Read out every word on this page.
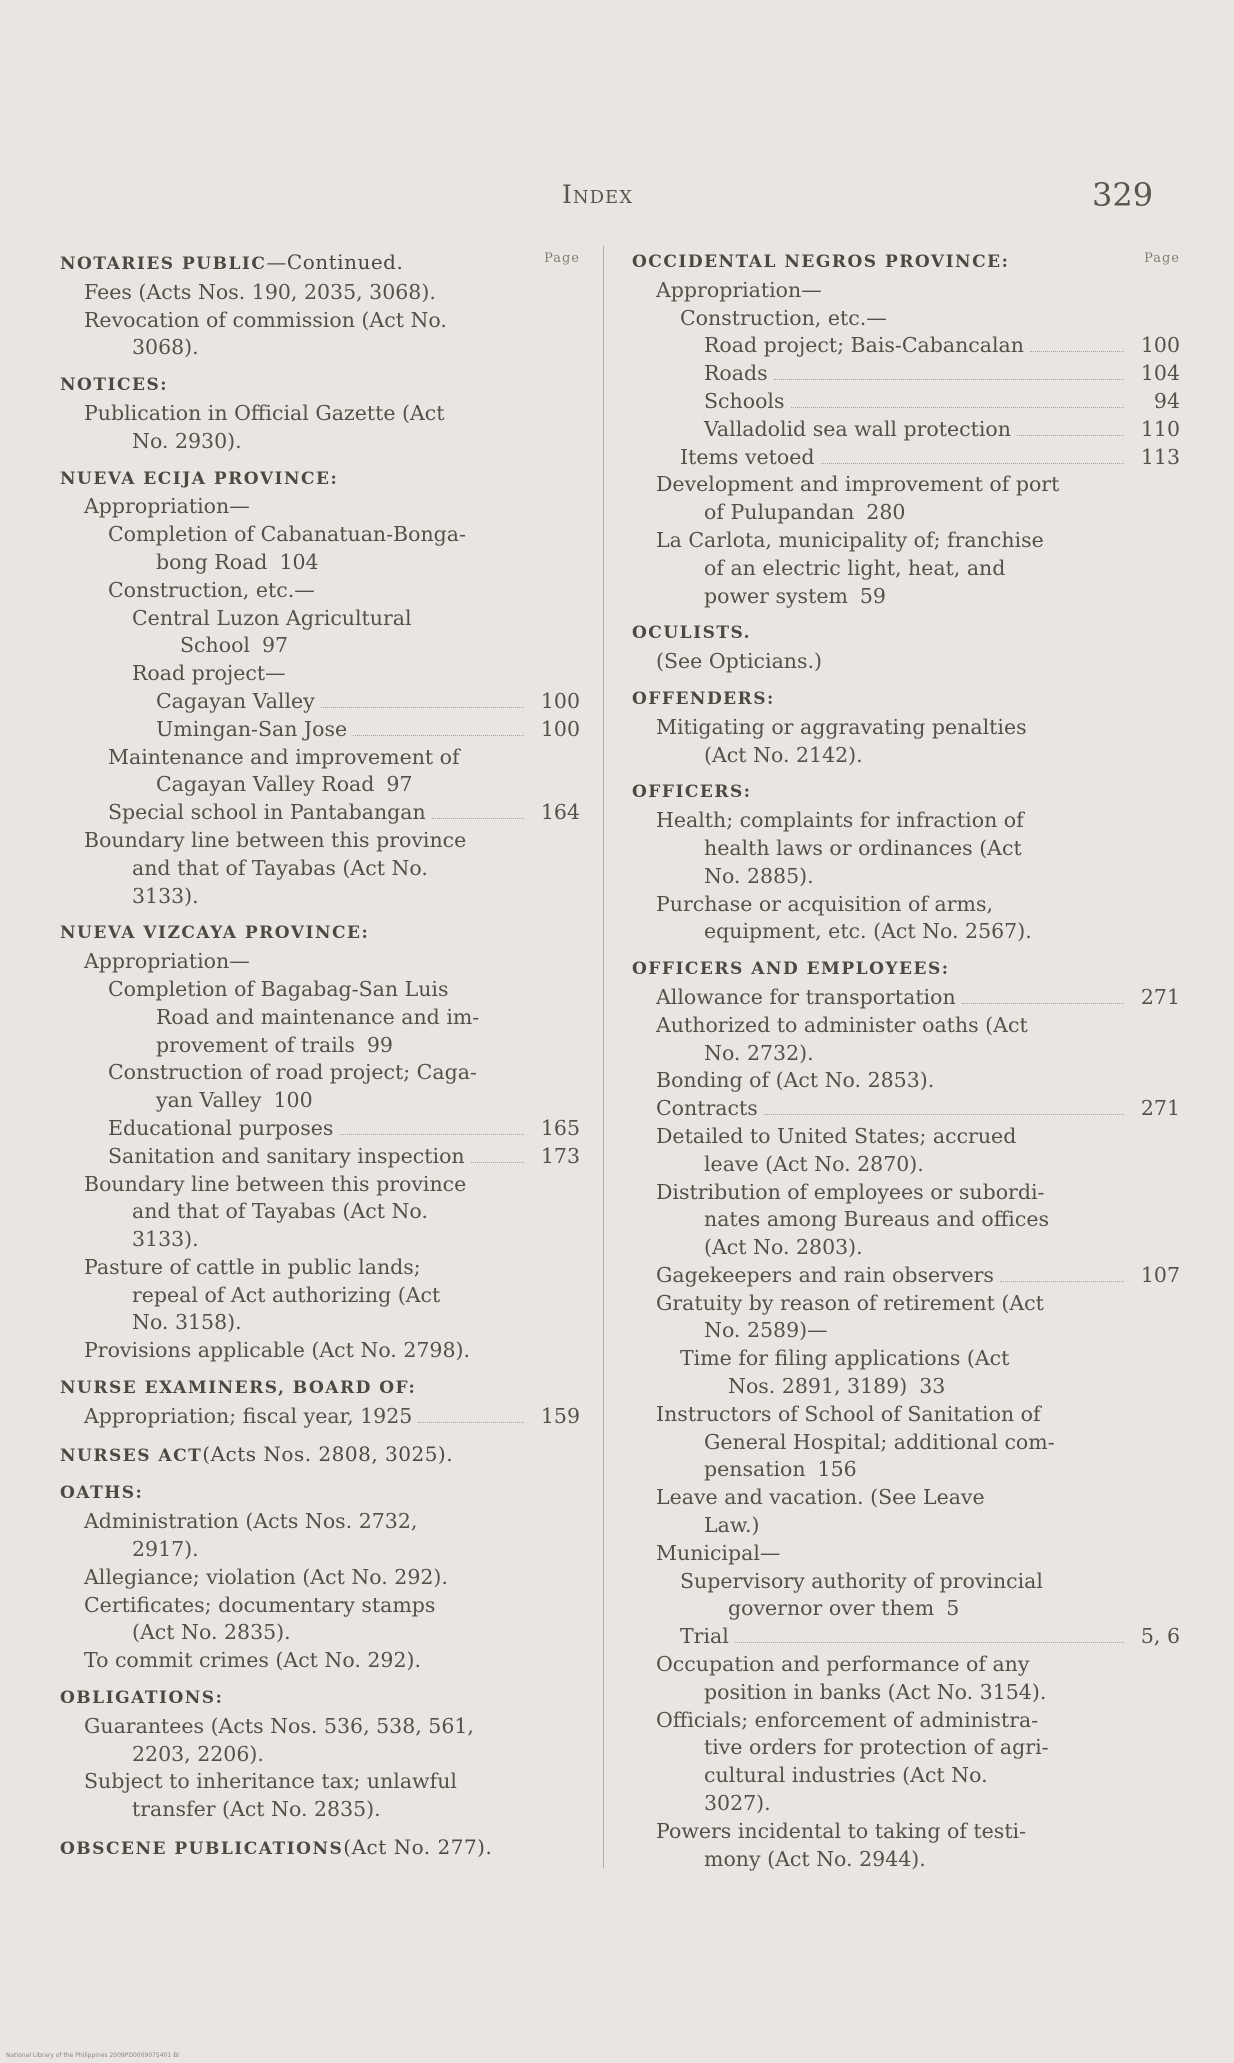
Index	329
Page
NOTARIES PUBLIC —Continued.
Fees (Acts Nos. 190, 2035, 3068).
Revocation of commission (Act No.
3068).
NOTICES:
Publication in Official Gazette (Act
No. 2930).
NUEVA ECIJA PROVINCE:
Appropriation—
Completion of Cabanatuan-Bonga-
bong Road 104
Construction, etc.—
Central Luzon Agricultural
School 97
Road project—
Cagayan Valley	100
Umingan-San Jose	100
Maintenance and improvement of
Cagayan Valley Road 97
Special school in Pantabangan	164
Boundary line between this province
and that of Tayabas (Act No.
3133).
NUEVA VIZCAYA PROVINCE:
Appropriation—
Completion of Bagabag-San Luis
Road and maintenance and im-
provement of trails 99
Construction of road project; Caga-
yan Valley 100
Educational purposes	165
Sanitation and sanitary inspection	173
Boundary line between this province
and that of Tayabas (Act No.
3133).
Pasture of cattle in public lands;
repeal of Act authorizing (Act
No. 3158).
Provisions applicable (Act No. 2798).
NURSE EXAMINERS, BOARD OF:
Appropriation; fiscal year, 1925	159
NURSES ACT (Acts Nos. 2808, 3025).
OATHS:
Administration (Acts Nos. 2732,
2917).
Allegiance; violation (Act No. 292).
Certificates; documentary stamps
(Act No. 2835).
To commit crimes (Act No. 292).
OBLIGATIONS:
Guarantees (Acts Nos. 536, 538, 561,
2203, 2206).
Subject to inheritance tax; unlawful
transfer (Act No. 2835).
OBSCENE PUBLICATIONS (Act No. 277).
Page
OCCIDENTAL NEGROS PROVINCE:
Appropriation—
Construction, etc.—
Road project; Bais-Cabancalan	100
Roads	104
Schools	94
Valladolid sea wall protection	110
Items vetoed	113
Development and improvement of port
of Pulupandan 280
La Carlota, municipality of; franchise
of an electric light, heat, and
power system 59
OCULISTS.
(See Opticians.)
OFFENDERS:
Mitigating or aggravating penalties
(Act No. 2142).
OFFICERS:
Health; complaints for infraction of
health laws or ordinances (Act
No. 2885).
Purchase or acquisition of arms,
equipment, etc. (Act No. 2567).
OFFICERS AND EMPLOYEES:
Allowance for transportation	271
Authorized to administer oaths (Act
No. 2732).
Bonding of (Act No. 2853).
Contracts	271
Detailed to United States; accrued
leave (Act No. 2870).
Distribution of employees or subordi-
nates among Bureaus and offices
(Act No. 2803).
Gagekeepers and rain observers	107
Gratuity by reason of retirement (Act
No. 2589)—
Time for filing applications (Act
Nos. 2891, 3189) 33
Instructors of School of Sanitation of
General Hospital; additional com-
pensation 156
Leave and vacation. (See Leave
Law.)
Municipal—
Supervisory authority of provincial
governor over them 5
Trial	5, 6
Occupation and performance of any
position in banks (Act No. 3154).
Officials; enforcement of administra-
tive orders for protection of agri-
cultural industries (Act No.
3027).
Powers incidental to taking of testi-
mony (Act No. 2944).
National Library of the Philippines 2009PD0009075401 BI
